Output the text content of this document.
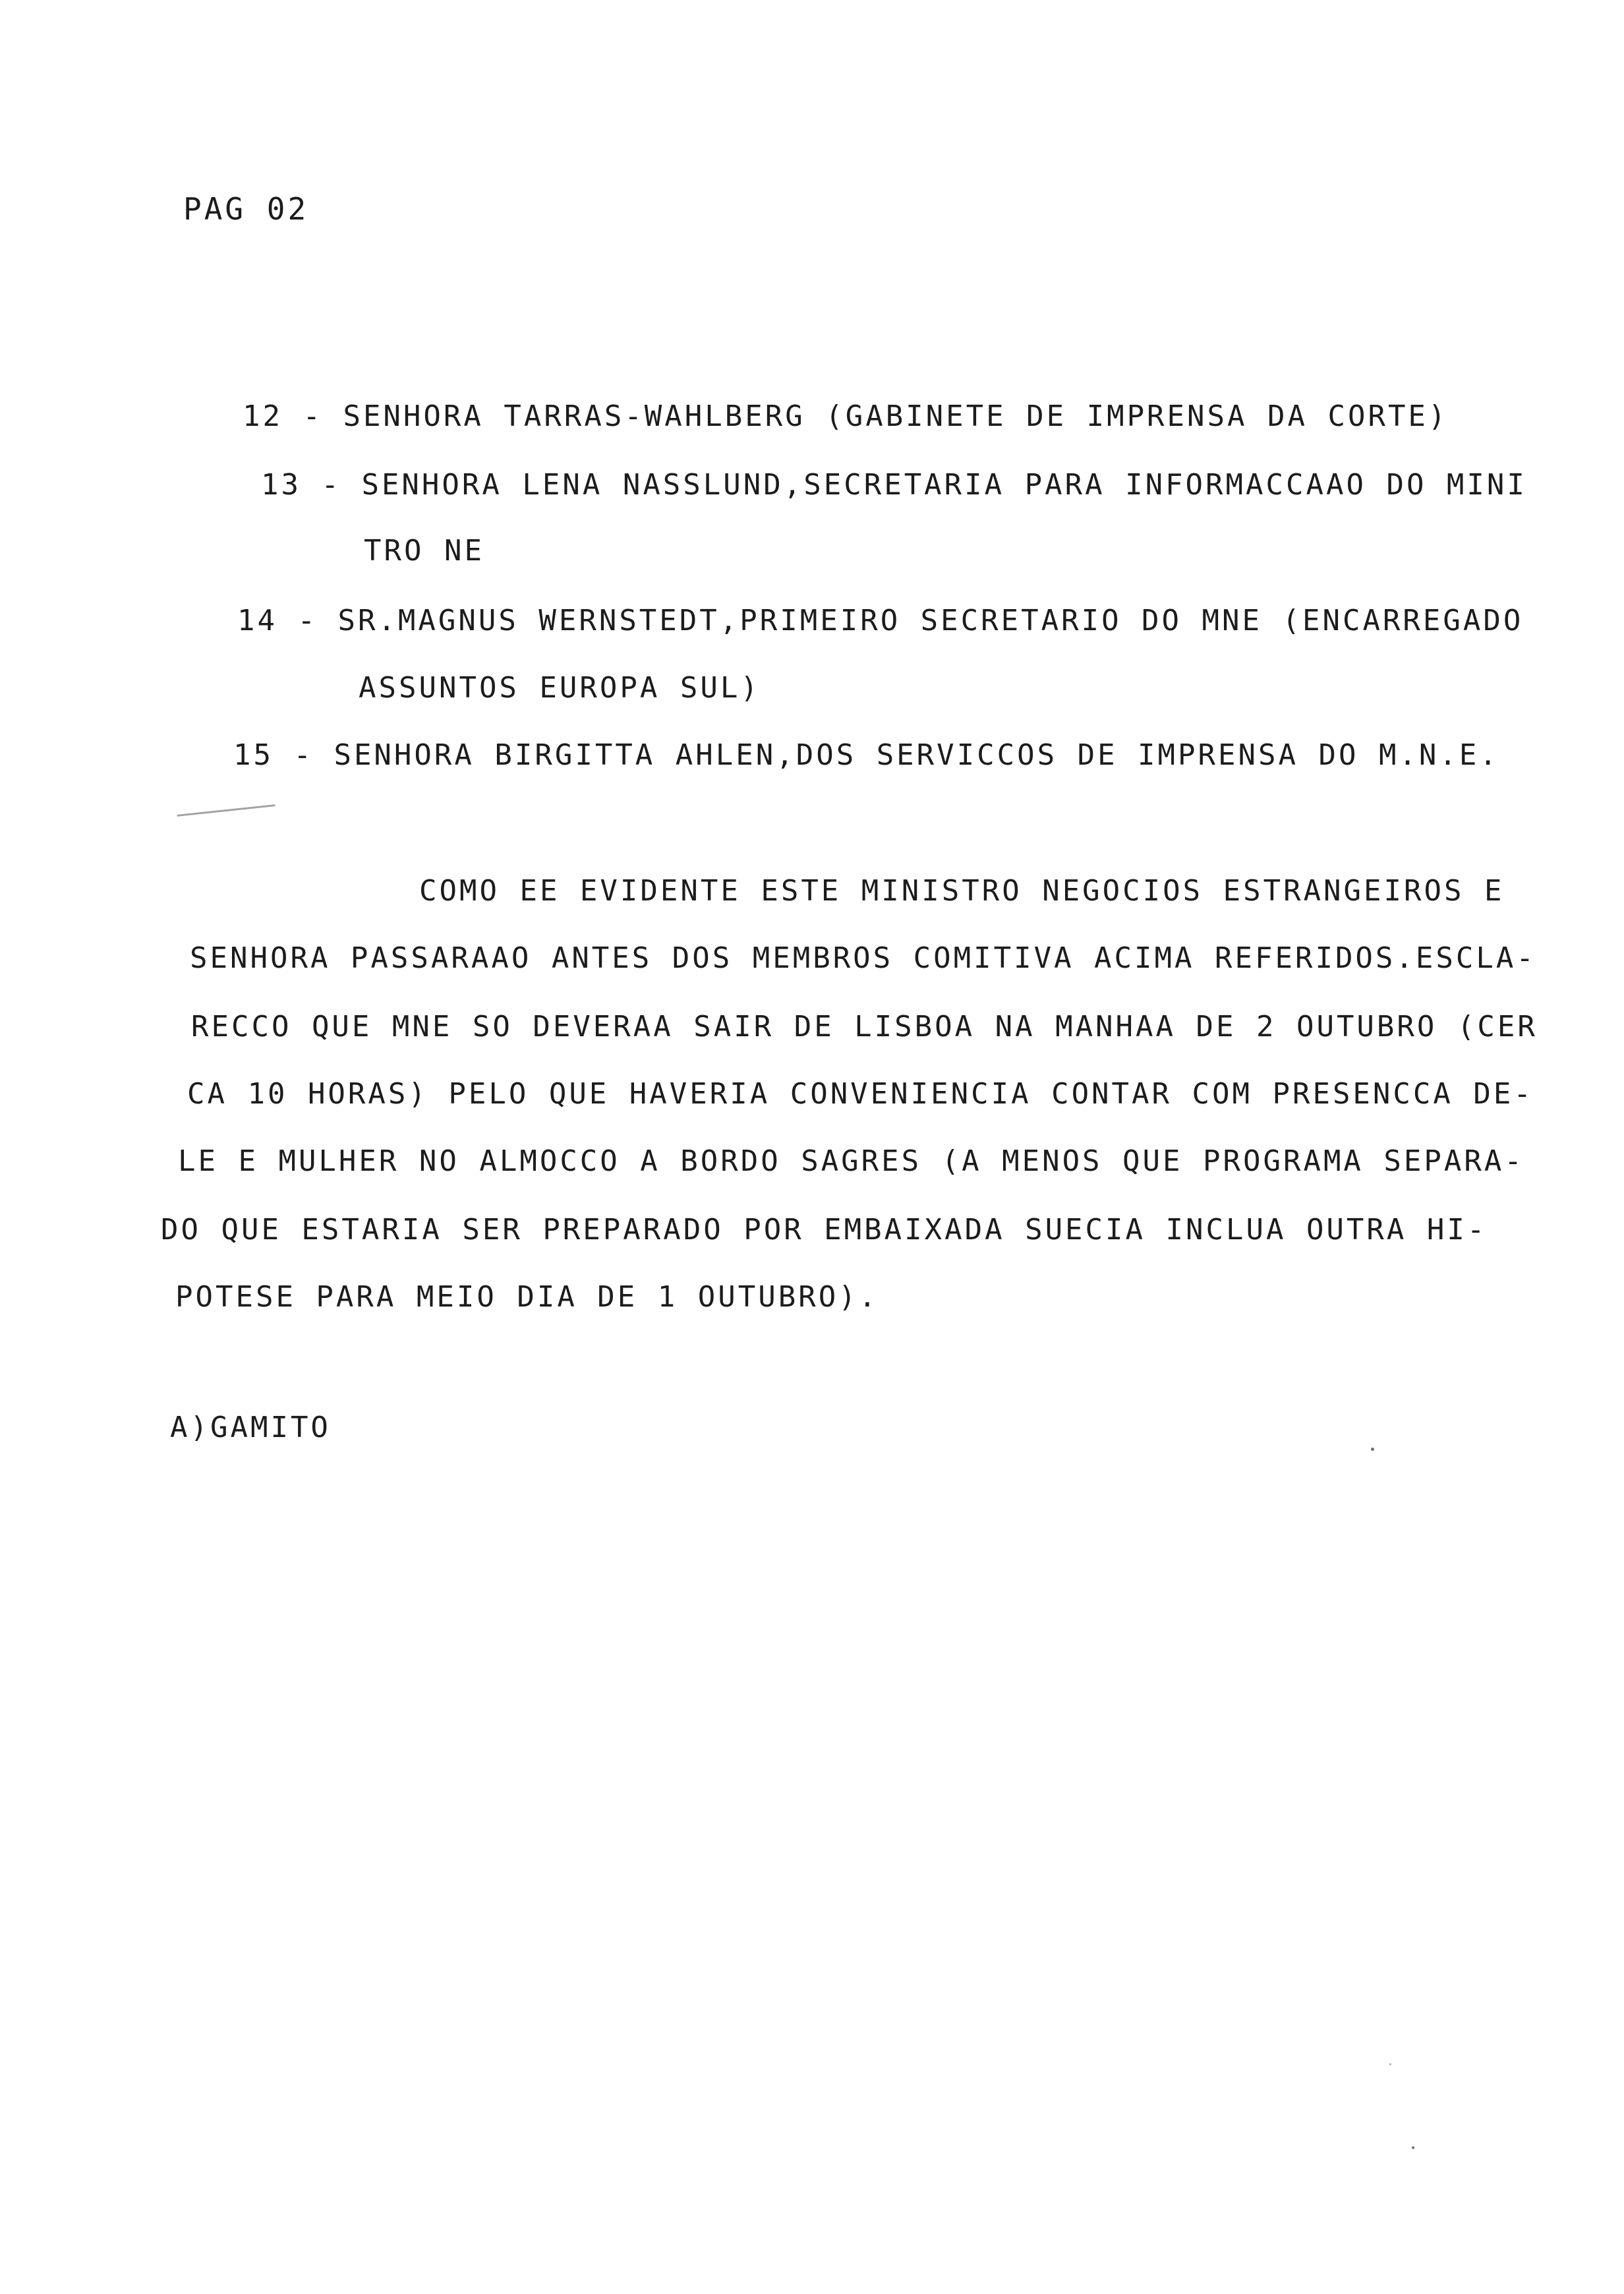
PAG 02
12 - SENHORA TARRAS-WAHLBERG (GABINETE DE IMPRENSA DA CORTE)
13 - SENHORA LENA NASSLUND,SECRETARIA PARA INFORMACCAAO DO MINI
TRO NE
14 - SR.MAGNUS WERNSTEDT,PRIMEIRO SECRETARIO DO MNE (ENCARREGADO
ASSUNTOS EUROPA SUL)
15 - SENHORA BIRGITTA AHLEN,DOS SERVICCOS DE IMPRENSA DO M.N.E.
COMO EE EVIDENTE ESTE MINISTRO NEGOCIOS ESTRANGEIROS E
SENHORA PASSARAAO ANTES DOS MEMBROS COMITIVA ACIMA REFERIDOS.ESCLA-
RECCO QUE MNE SO DEVERAA SAIR DE LISBOA NA MANHAA DE 2 OUTUBRO (CER
CA 10 HORAS) PELO QUE HAVERIA CONVENIENCIA CONTAR COM PRESENCCA DE-
LE E MULHER NO ALMOCCO A BORDO SAGRES (A MENOS QUE PROGRAMA SEPARA-
DO QUE ESTARIA SER PREPARADO POR EMBAIXADA SUECIA INCLUA OUTRA HI-
POTESE PARA MEIO DIA DE 1 OUTUBRO).
A)GAMITO
